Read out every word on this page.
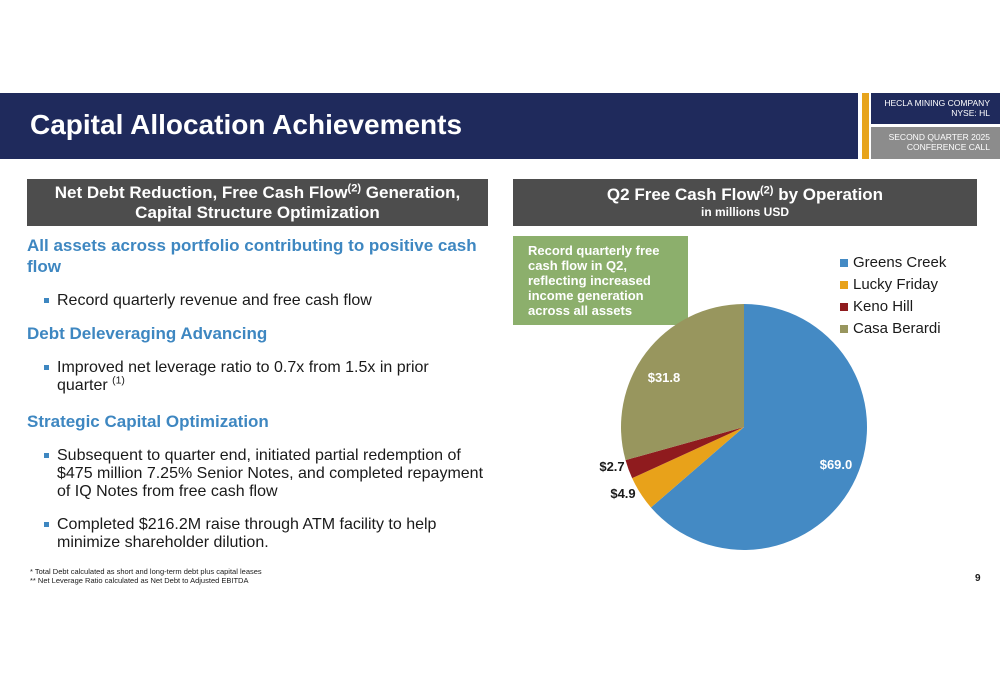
Capital Allocation Achievements
HECLA MINING COMPANY
NYSE: HL
SECOND QUARTER 2025
CONFERENCE CALL
Net Debt Reduction, Free Cash Flow$^{(2)}$ Generation,
Capital Structure Optimization
All assets across portfolio contributing to positive cash flow
Record quarterly revenue and free cash flow
Debt Deleveraging Advancing
Improved net leverage ratio to 0.7x from 1.5x in prior quarter $^{(1)}$
Strategic Capital Optimization
Subsequent to quarter end, initiated partial redemption of $475 million 7.25% Senior Notes, and completed repayment of IQ Notes from free cash flow
Completed $216.2M raise through ATM facility to help minimize shareholder dilution.
Q2 Free Cash Flow$^{(2)}$ by Operation
in millions USD
Record quarterly free cash flow in Q2, reflecting increased income generation across all assets
$69.0
$4.9
$2.7
$31.8
Greens Creek
Lucky Friday
Keno Hill
Casa Berardi
* Total Debt calculated as short and long-term debt plus capital leases
** Net Leverage Ratio calculated as Net Debt to Adjusted EBITDA	9
